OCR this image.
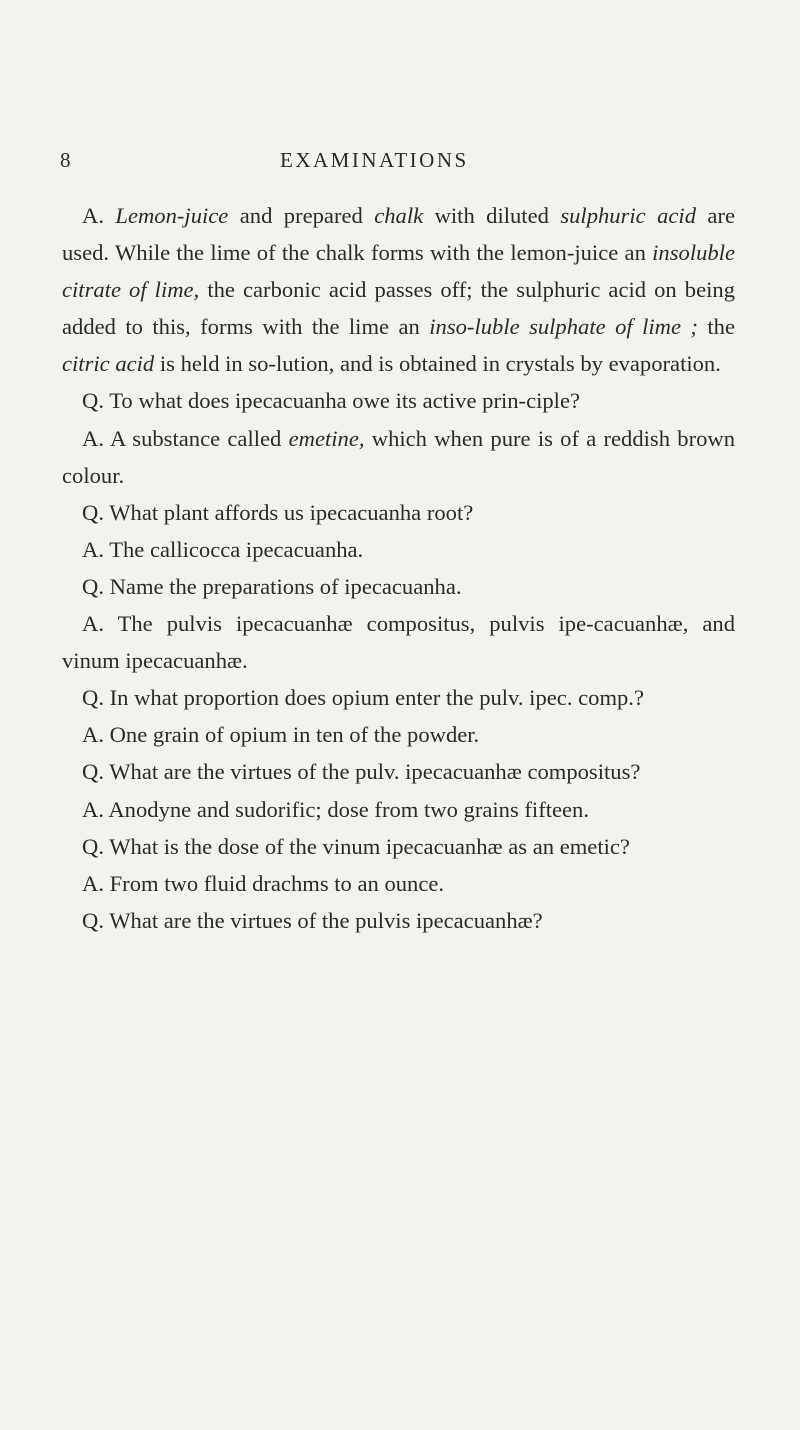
8	EXAMINATIONS

A. Lemon-juice and prepared chalk with diluted sulphuric acid are used. While the lime of the chalk forms with the lemon-juice an insoluble citrate of lime, the carbonic acid passes off; the sulphuric acid on being added to this, forms with the lime an inso-luble sulphate of lime ; the citric acid is held in so-lution, and is obtained in crystals by evaporation.

Q. To what does ipecacuanha owe its active prin-ciple?

A. A substance called emetine, which when pure is of a reddish brown colour.

Q. What plant affords us ipecacuanha root?

A. The callicocca ipecacuanha.

Q. Name the preparations of ipecacuanha.

A. The pulvis ipecacuanhæ compositus, pulvis ipe-cacuanhæ, and vinum ipecacuanhæ.

Q. In what proportion does opium enter the pulv. ipec. comp.?

A. One grain of opium in ten of the powder.

Q. What are the virtues of the pulv. ipecacuanhæ compositus?

A. Anodyne and sudorific; dose from two grains fifteen.

Q. What is the dose of the vinum ipecacuanhæ as an emetic?

A. From two fluid drachms to an ounce.

Q. What are the virtues of the pulvis ipecacuanhæ?
